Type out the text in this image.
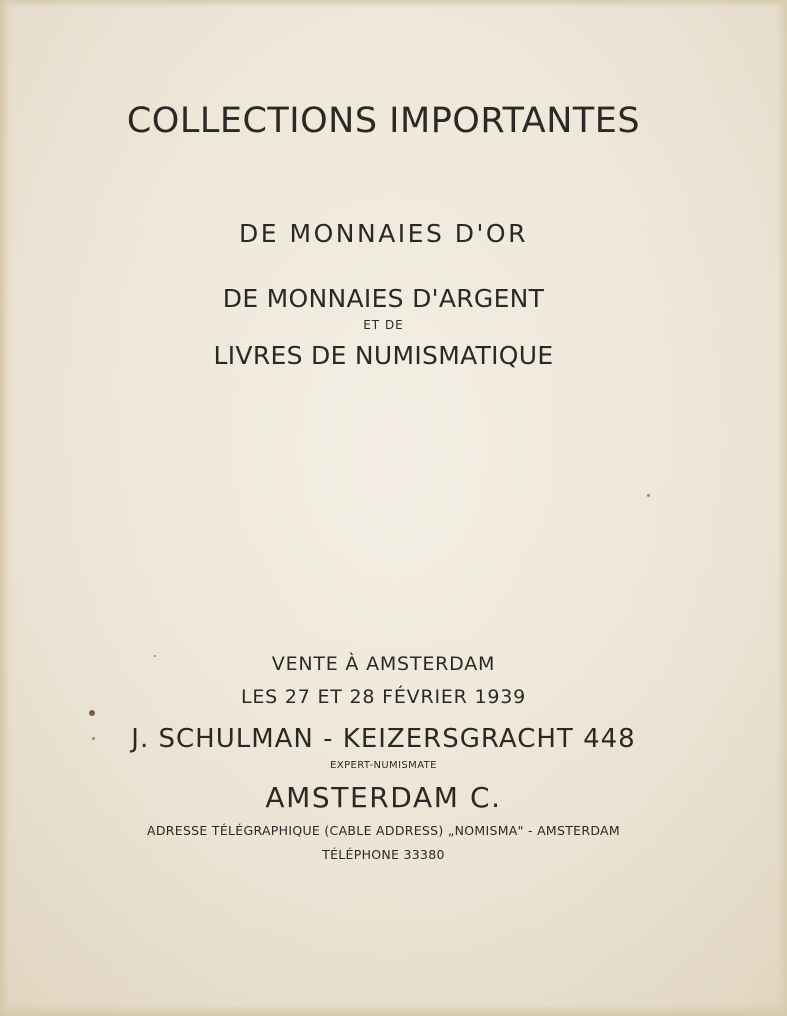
COLLECTIONS IMPORTANTES
DE MONNAIES D'OR
DE MONNAIES D'ARGENT
ET DE
LIVRES DE NUMISMATIQUE
VENTE À AMSTERDAM
LES 27 ET 28 FÉVRIER 1939
J. SCHULMAN - KEIZERSGRACHT 448
EXPERT-NUMISMATE
AMSTERDAM C.
ADRESSE TÉLÉGRAPHIQUE (CABLE ADDRESS) „NOMISMA" - AMSTERDAM
TÉLÉPHONE 33380
